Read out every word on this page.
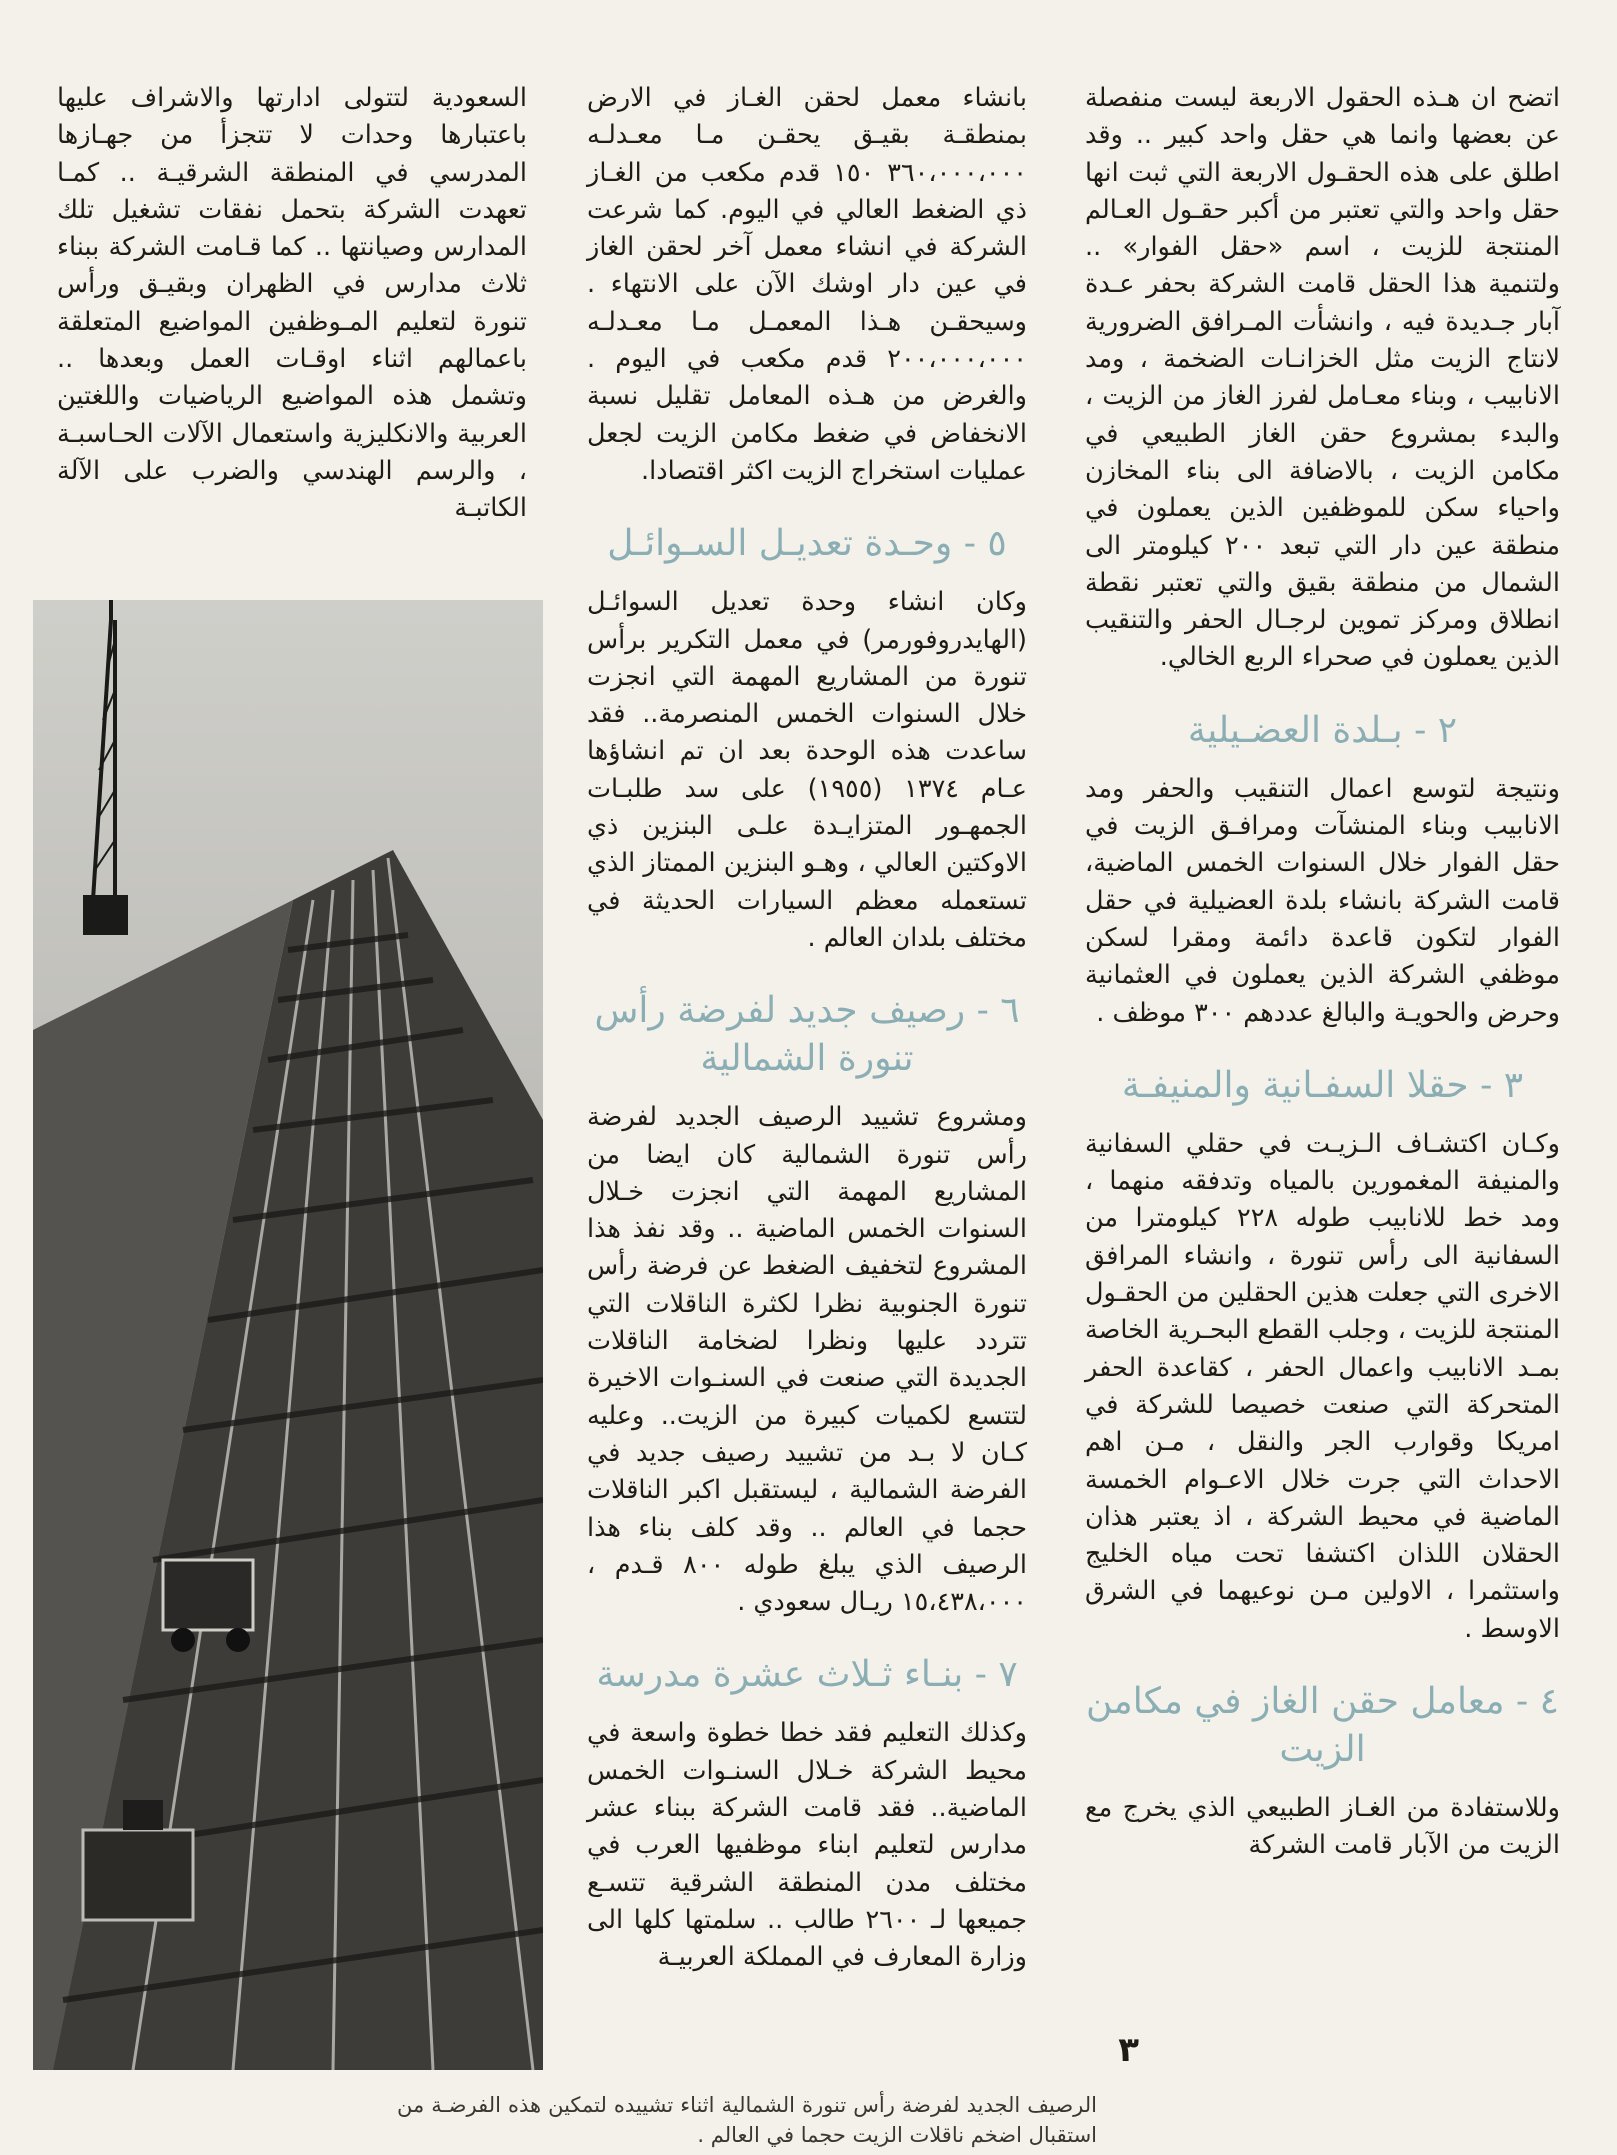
اتضح ان هـذه الحقول الاربعة ليست منفصلة عن بعضها وانما هي حقل واحد كبير .. وقد اطلق على هذه الحقـول الاربعة التي ثبت انها حقل واحد والتي تعتبر من أكبر حقـول العـالم المنتجة للزيت ، اسم «حقل الفوار» .. ولتنمية هذا الحقل قامت الشركة بحفر عـدة آبار جـديدة فيه ، وانشأت المـرافق الضرورية لانتاج الزيت مثل الخزانـات الضخمة ، ومد الانابيب ، وبناء معـامل لفرز الغاز من الزيت ، والبدء بمشروع حقن الغاز الطبيعي في مكامن الزيت ، بالاضافة الى بناء المخازن واحياء سكن للموظفين الذين يعملون في منطقة عين دار التي تبعد ٢٠٠ كيلومتر الى الشمال من منطقة بقيق والتي تعتبر نقطة انطلاق ومركز تموين لرجـال الحفر والتنقيب الذين يعملون في صحراء الربع الخالي.

٢ - بـلدة العضـيلية

ونتيجة لتوسع اعمال التنقيب والحفر ومد الانابيب وبناء المنشآت ومرافـق الزيت في حقل الفوار خلال السنوات الخمس الماضية، قامت الشركة بانشاء بلدة العضيلية في حقل الفوار لتكون قاعدة دائمة ومقرا لسكن موظفي الشركة الذين يعملون في العثمانية وحرض والحويـة والبالغ عددهم ٣٠٠ موظف .

٣ - حقلا السفـانية والمنيفـة

وكـان اكتشـاف الـزيـت في حقلي السفانية والمنيفة المغمورين بالمياه وتدفقه منهما ، ومد خط للانابيب طوله ٢٢٨ كيلومترا من السفانية الى رأس تنورة ، وانشاء المرافق الاخرى التي جعلت هذين الحقلين من الحقـول المنتجة للزيت ، وجلب القطع البحـرية الخاصة بمـد الانابيب واعمال الحفر ، كقاعدة الحفر المتحركة التي صنعت خصيصا للشركة في امريكا وقوارب الجر والنقل ، مـن اهم الاحداث التي جرت خلال الاعـوام الخمسة الماضية في محيط الشركة ، اذ يعتبر هذان الحقلان اللذان اكتشفا تحت مياه الخليج واستثمرا ، الاولين مـن نوعيهما في الشرق الاوسط .

٤ - معامل حقن الغاز في مكامن الزيت

وللاستفادة من الغـاز الطبيعي الذي يخرج مع الزيت من الآبار قامت الشركة

بانشاء معمل لحقن الغـاز في الارض بمنطقـة بقيـق يحقـن مـا معـدلـه ٣٦٠،٠٠٠،٠٠٠ ١٥٠ قدم مكعب من الغـاز ذي الضغط العالي في اليوم. كما شرعت الشركة في انشاء معمل آخر لحقن الغاز في عين دار اوشك الآن على الانتهاء . وسيحقـن هـذا المعمـل مـا معـدلـه ٢٠٠،٠٠٠،٠٠٠ قدم مكعب في اليوم . والغرض من هـذه المعامل تقليل نسبة الانخفاض في ضغط مكامن الزيت لجعل عمليات استخراج الزيت اكثر اقتصادا.

٥ - وحـدة تعديـل السـوائـل

وكان انشاء وحدة تعديل السوائـل (الهايدروفورمر) في معمل التكرير برأس تنورة من المشاريع المهمة التي انجزت خلال السنوات الخمس المنصرمة.. فقد ساعدت هذه الوحدة بعد ان تم انشاؤها عـام ١٣٧٤ (١٩٥٥) على سد طلبـات الجمهـور المتزايـدة علـى البنزين ذي الاوكتين العالي ، وهـو البنزين الممتاز الذي تستعمله معظم السيارات الحديثة في مختلف بلدان العالم .

٦ - رصيف جديد لفرضة رأس تنورة الشمالية

ومشروع تشييد الرصيف الجديد لفرضة رأس تنورة الشمالية كان ايضا من المشاريع المهمة التي انجزت خـلال السنوات الخمس الماضية .. وقد نفذ هذا المشروع لتخفيف الضغط عن فرضة رأس تنورة الجنوبية نظرا لكثرة الناقلات التي تتردد عليها ونظرا لضخامة الناقلات الجديدة التي صنعت في السنـوات الاخيرة لتتسع لكميات كبيرة من الزيت.. وعليه كـان لا بـد من تشييد رصيف جديد في الفرضة الشمالية ، ليستقبل اكبر الناقلات حجما في العالم .. وقد كلف بناء هذا الرصيف الذي يبلغ طوله ٨٠٠ قـدم ، ١٥،٤٣٨،٠٠٠ ريـال سعودي .

٧ - بنـاء ثـلاث عشرة مدرسة

وكذلك التعليم فقد خطا خطوة واسعة في محيط الشركة خـلال السنـوات الخمس الماضية.. فقد قامت الشركة ببناء عشر مدارس لتعليم ابناء موظفيها العرب في مختلف مدن المنطقة الشرقية تتسـع جميعها لـ ٢٦٠٠ طالب .. سلمتها كلها الى وزارة المعارف في المملكة العربيـة

السعودية لتتولى ادارتها والاشراف عليها باعتبارها وحدات لا تتجزأ من جهـازها المدرسي في المنطقة الشرقيـة .. كمـا تعهدت الشركة بتحمل نفقات تشغيل تلك المدارس وصيانتها .. كما قـامت الشركة ببناء ثلاث مدارس في الظهران وبقيـق ورأس تنورة لتعليم المـوظفين المواضيع المتعلقة باعمالهم اثناء اوقـات العمل وبعدها .. وتشمل هذه المواضيع الرياضيات واللغتين العربية والانكليزية واستعمال الآلات الحـاسبـة ، والرسم الهندسي والضرب على الآلة الكاتبـة

٣
الرصيف الجديد لفرضة رأس تنورة الشمالية اثناء تشييده لتمكين هذه الفرضـة من استقبال اضخم ناقلات الزيت حجما في العالم .
